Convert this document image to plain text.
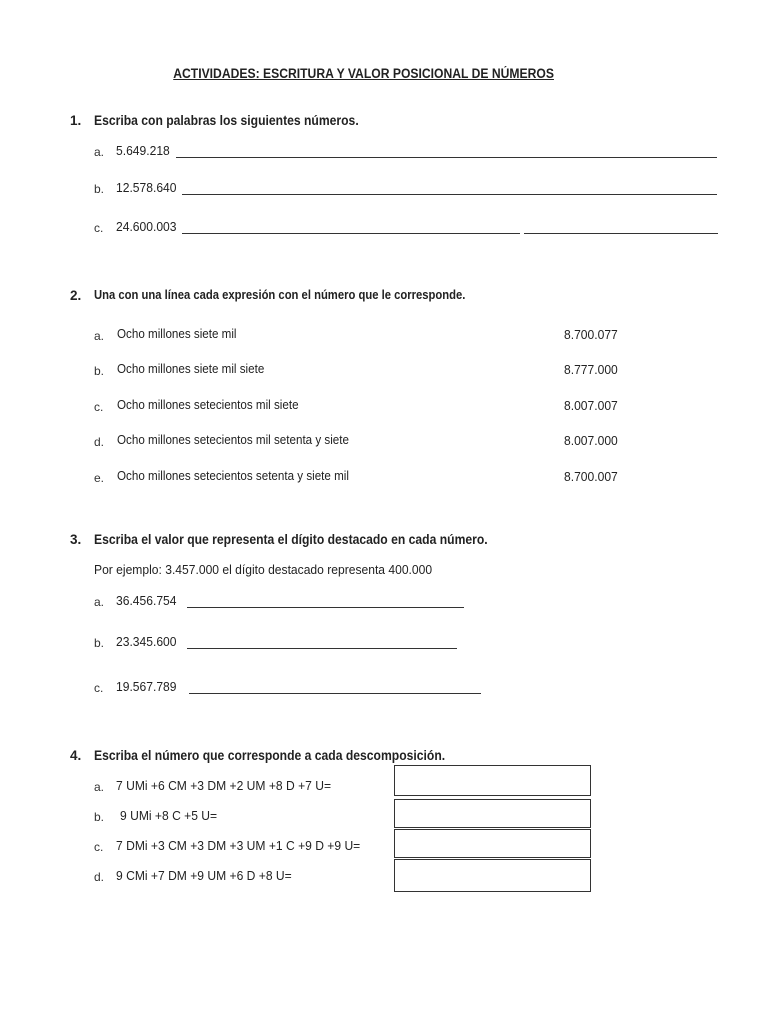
ACTIVIDADES: ESCRITURA Y VALOR POSICIONAL DE NÚMEROS
1. Escriba con palabras los siguientes números.
a. 5.649.218
b. 12.578.640
c. 24.600.003
2. Una con una línea cada expresión con el número que le corresponde.
a. Ocho millones siete mil	8.700.077
b. Ocho millones siete mil siete	8.777.000
c. Ocho millones setecientos mil siete	8.007.007
d. Ocho millones setecientos mil setenta y siete	8.007.000
e. Ocho millones setecientos setenta y siete mil	8.700.007
3. Escriba el valor que representa el dígito destacado en cada número.
Por ejemplo: 3.457.000 el dígito destacado representa 400.000
a. 36.456.754
b. 23.345.600
c. 19.567.789
4. Escriba el número que corresponde a cada descomposición.
a. 7 UMi +6 CM +3 DM +2 UM +8 D +7 U=
b. 9 UMi +8 C +5 U=
c. 7 DMi +3 CM +3 DM +3 UM +1 C +9 D +9 U=
d. 9 CMi +7 DM +9 UM +6 D +8 U=
